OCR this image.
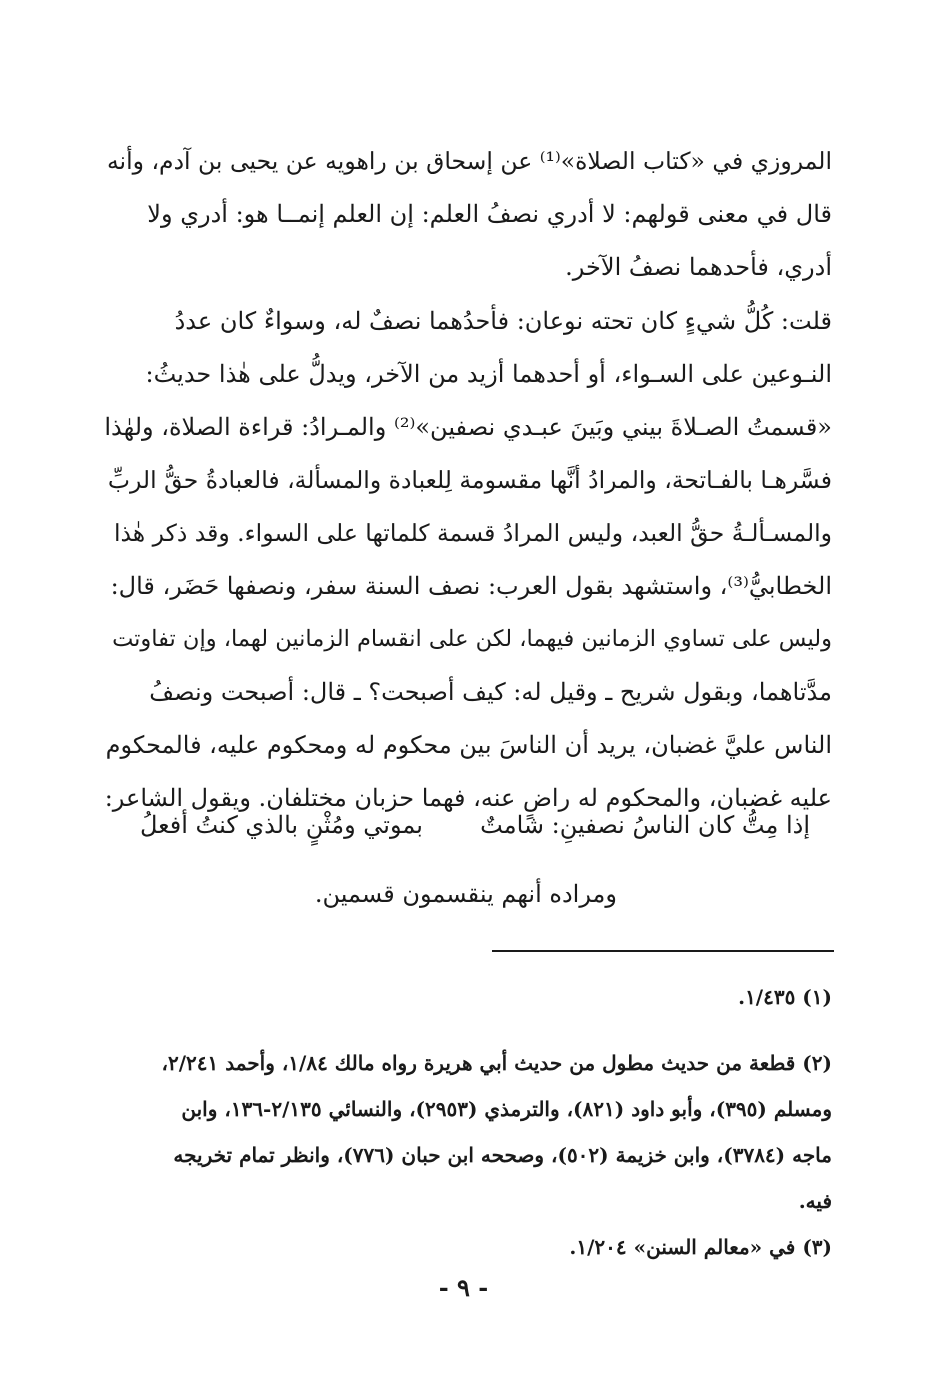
المروزي في «كتاب الصلاة»⁽¹⁾ عن إسحاق بن راهويه عن يحيى بن آدم، وأنه
قال في معنى قولهم: لا أدري نصفُ العلم: إن العلم إنمــا هو: أدري ولا
أدري، فأحدهما نصفُ الآخر.
قلت: كُلُّ شيءٍ كان تحته نوعان: فأحدُهما نصفٌ له، وسواءٌ كان عددُ
النـوعين على السـواء، أو أحدهما أزيد من الآخر، ويدلُّ على هٰذا حديثُ:
«قسمتُ الصـلاةَ بيني وبَينَ عبـدي نصفين»⁽²⁾ والمـرادُ: قراءة الصلاة، ولهٰذا
فسَّرهـا بالفـاتحة، والمرادُ أنَّها مقسومة لِلعبادة والمسألة، فالعبادةُ حقُّ الربِّ
والمسـألـةُ حقُّ العبد، وليس المرادُ قسمة كلماتها على السواء. وقد ذكر هٰذا
الخطابيُّ⁽³⁾، واستشهد بقول العرب: نصف السنة سفر، ونصفها حَضَر، قال:
وليس على تساوي الزمانين فيهما، لكن على انقسام الزمانين لهما، وإن تفاوتت
مدَّتاهما، وبقول شريح ـ وقيل له: كيف أصبحت؟ ـ قال: أصبحت ونصفُ
الناس عليَّ غضبان، يريد أن الناسَ بين محكوم له ومحكوم عليه، فالمحكوم
عليه غضبان، والمحكوم له راضٍ عنه، فهما حزبان مختلفان. ويقول الشاعر:
إذا مِتُّ كان الناسُ نصفينِ: شامتٌ
بموتي ومُثْنٍ بالذي كنتُ أفعلُ
ومراده أنهم ينقسمون قسمين.
(١) ١/٤٣٥.
(٢) قطعة من حديث مطول من حديث أبي هريرة رواه مالك ١/٨٤، وأحمد ٢/٢٤١،
ومسلم (٣٩٥)، وأبو داود (٨٢١)، والترمذي (٢٩٥٣)، والنسائي ٢/١٣٥-١٣٦، وابن
ماجه (٣٧٨٤)، وابن خزيمة (٥٠٢)، وصححه ابن حبان (٧٧٦)، وانظر تمام تخريجه
فيه.
(٣) في «معالم السنن» ١/٢٠٤.
- ٩ -
